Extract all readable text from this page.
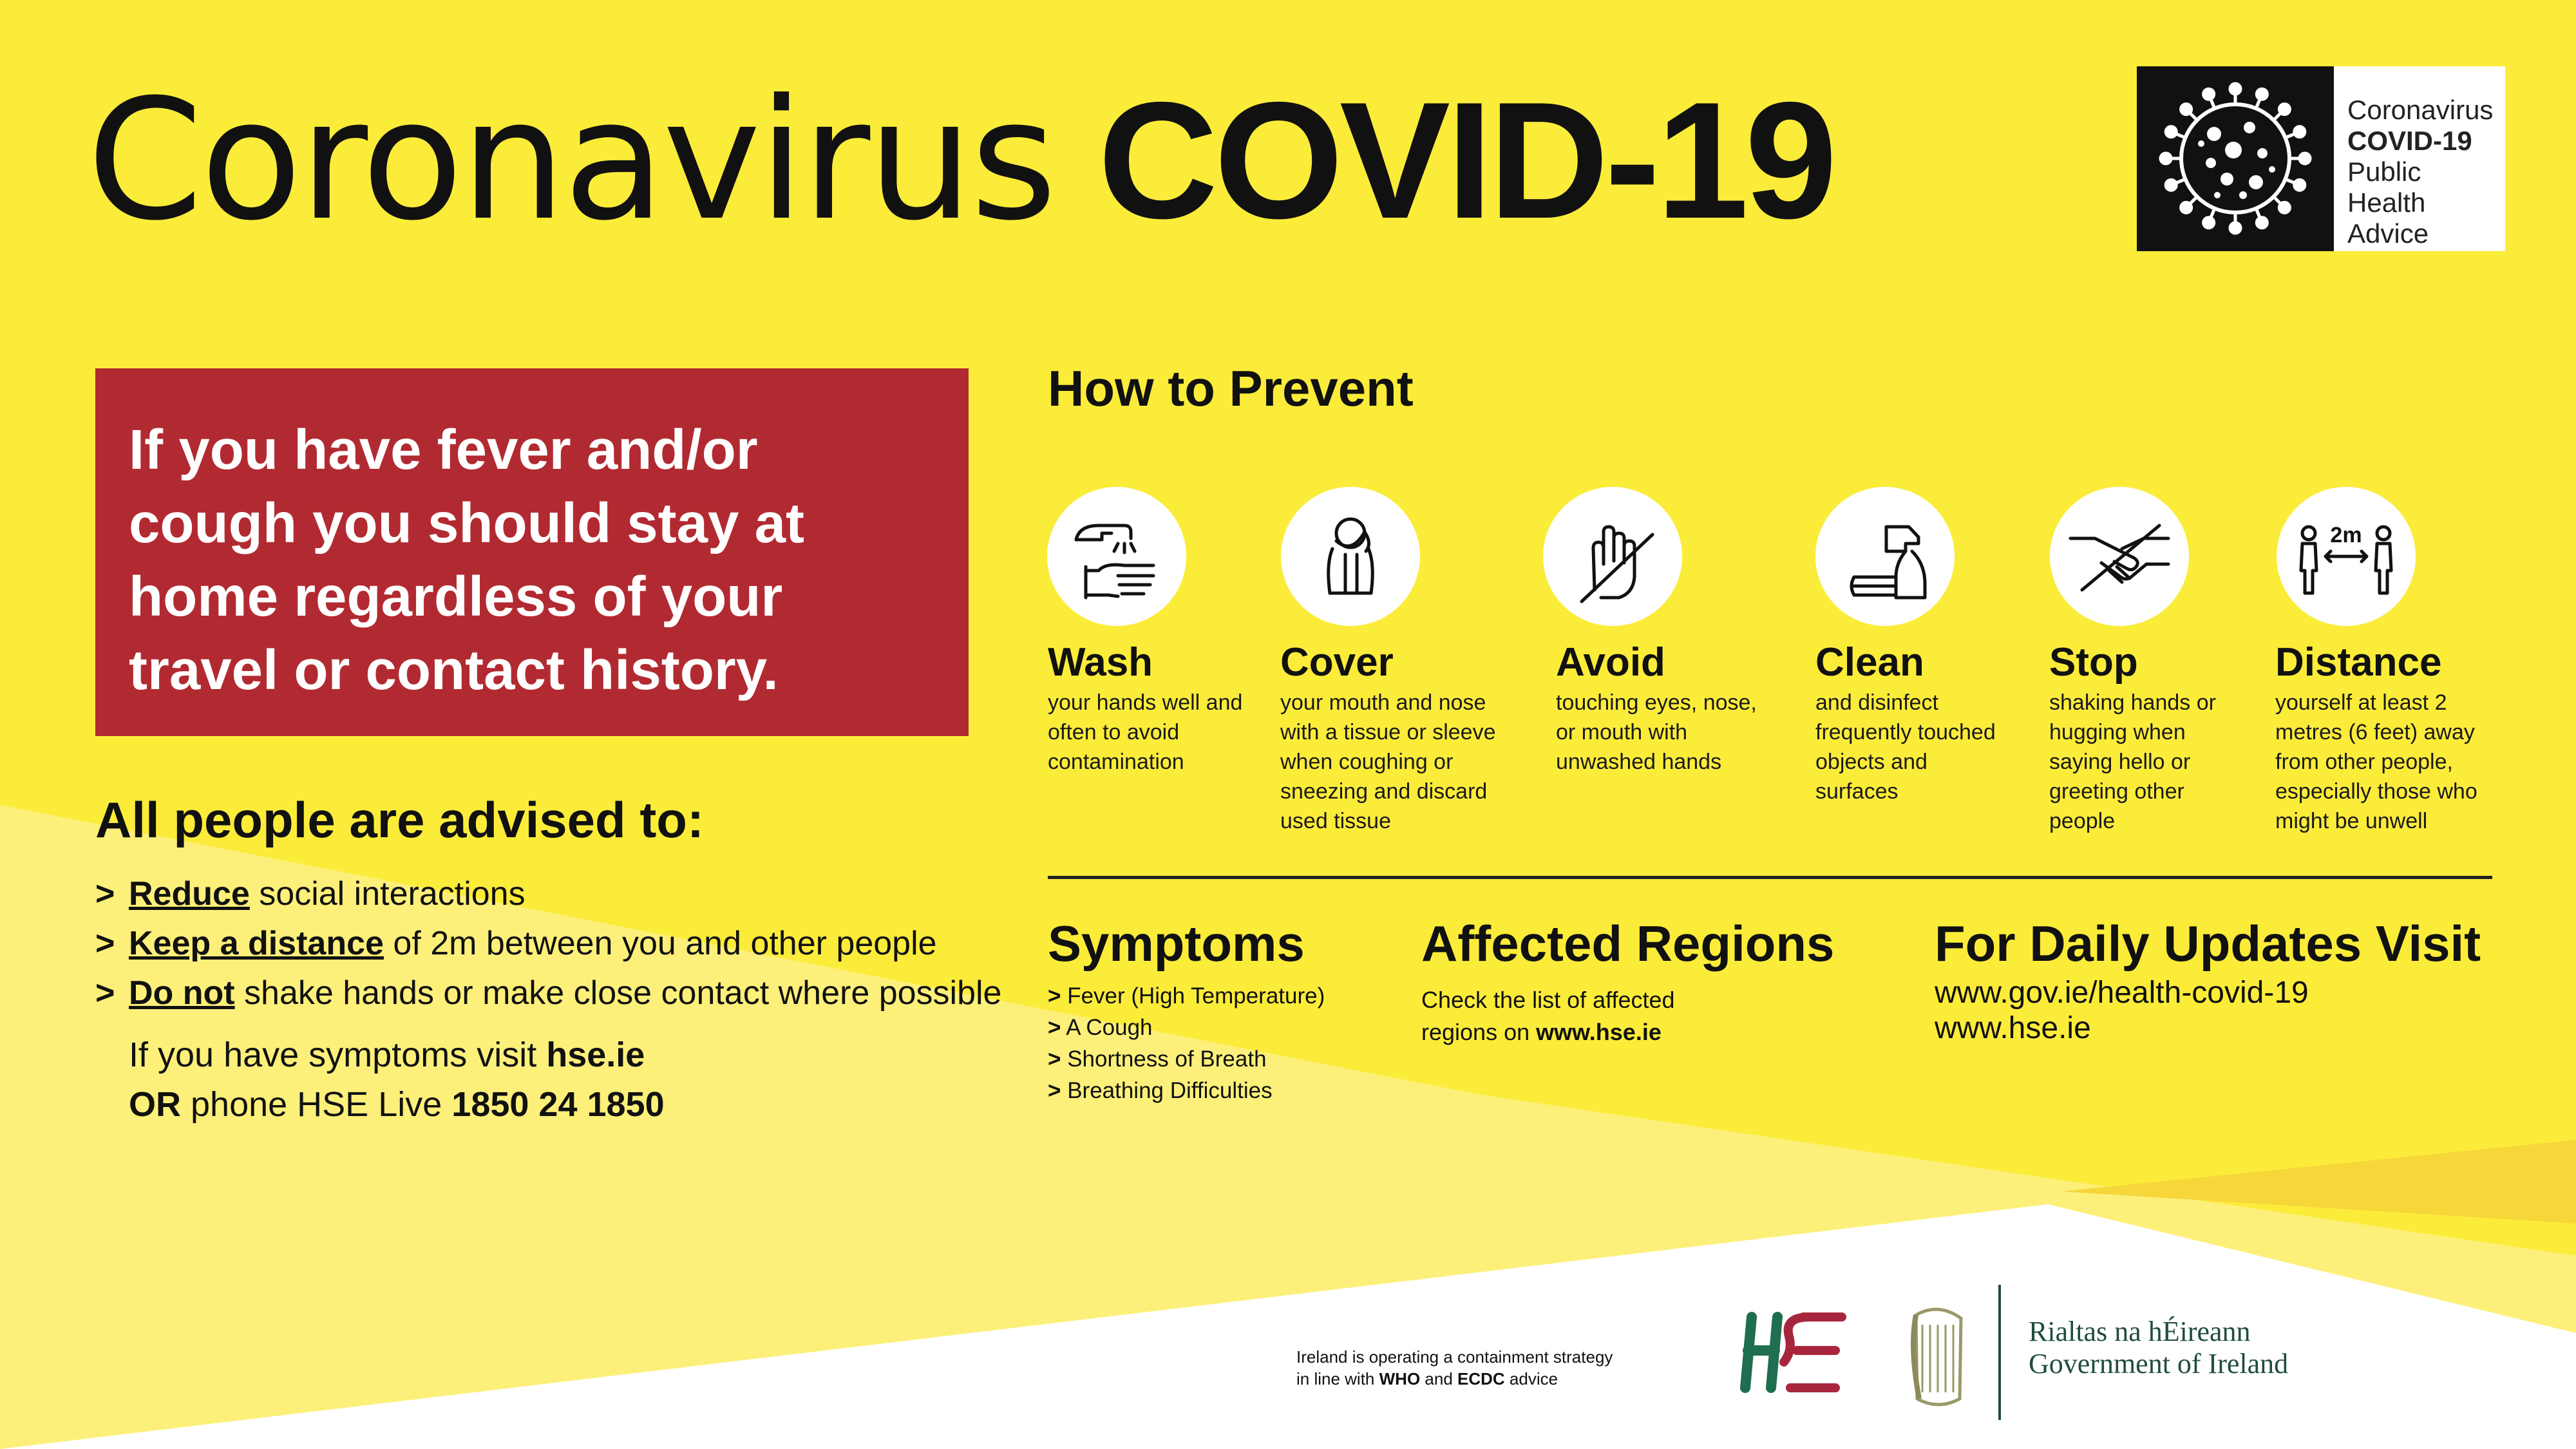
Coronavirus COVID-19	Coronavirus
COVID-19
Public Health
Advice
If you have fever and/or cough you should stay at home regardless of your travel or contact history.
All people are advised to:
> Reduce social interactions
> Keep a distance of 2m between you and other people
> Do not shake hands or make close contact where possible
If you have symptoms visit hse.ie
OR phone HSE Live 1850 24 1850
How to Prevent
2m
Wash	Cover	Avoid	Clean	Stop	Distance
your hands well and often to avoid contamination
your mouth and nose with a tissue or sleeve when coughing or sneezing and discard used tissue
touching eyes, nose, or mouth with unwashed hands
and disinfect frequently touched objects and surfaces
shaking hands or hugging when saying hello or greeting other people
yourself at least 2 metres (6 feet) away from other people, especially those who might be unwell
Symptoms
> Fever (High Temperature)
> A Cough
> Shortness of Breath
> Breathing Difficulties
Affected Regions
Check the list of affected
regions on www.hse.ie
For Daily Updates Visit
www.gov.ie/health-covid-19
www.hse.ie
Ireland is operating a containment strategy
in line with WHO and ECDC advice
Rialtas na hÉireann
Government of Ireland
